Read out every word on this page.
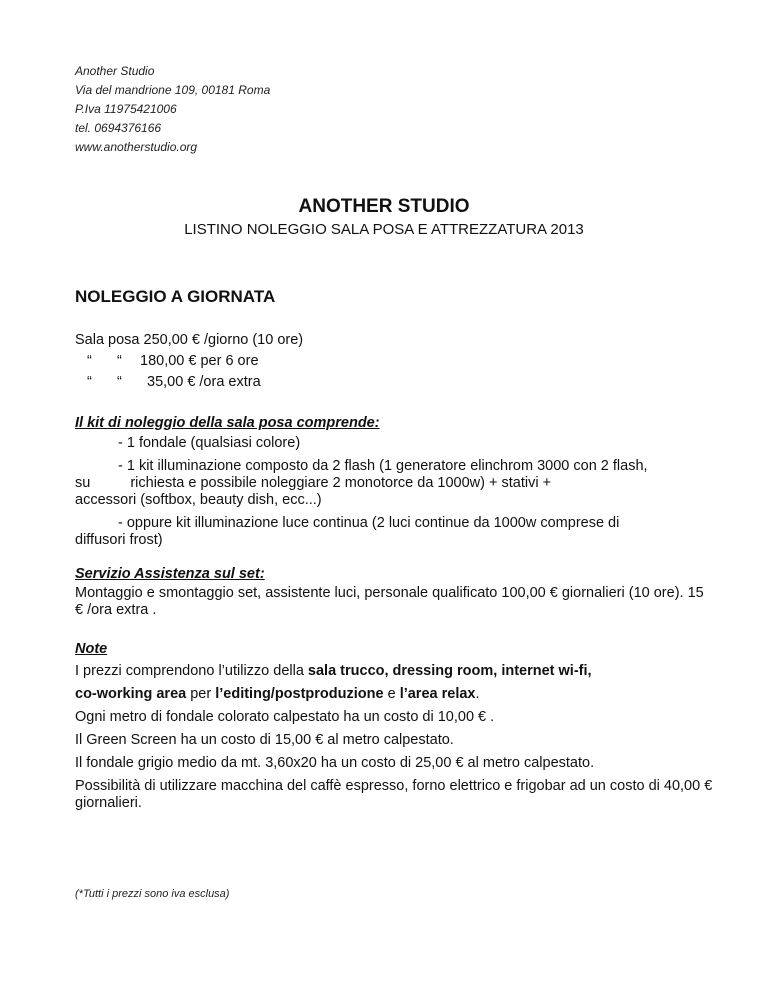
Another Studio
Via del mandrione 109, 00181 Roma
P.Iva 11975421006
tel. 0694376166
www.anotherstudio.org
ANOTHER STUDIO
LISTINO NOLEGGIO SALA POSA E ATTREZZATURA 2013
NOLEGGIO A GIORNATA
Sala posa 250,00 € /giorno (10 ore)
“ “ 180,00 € per 6 ore
“ “ 35,00 € /ora extra
Il kit di noleggio della sala posa comprende:
- 1 fondale (qualsiasi colore)
- 1 kit illuminazione composto da 2 flash (1 generatore elinchrom 3000 con 2 flash,
su	richiesta e possibile noleggiare 2 monotorce da 1000w) + stativi +
accessori (softbox, beauty dish, ecc...)
- oppure kit illuminazione luce continua (2 luci continue da 1000w comprese di
diffusori frost)
Servizio Assistenza sul set:
Montaggio e smontaggio set, assistente luci, personale qualificato 100,00 € giornalieri (10 ore). 15 € /ora extra .
Note
I prezzi comprendono l’utilizzo della sala trucco, dressing room, internet wi-fi,
co-working area per l’editing/postproduzione e l’area relax.
Ogni metro di fondale colorato calpestato ha un costo di 10,00 € .
Il Green Screen ha un costo di 15,00 € al metro calpestato.
Il fondale grigio medio da mt. 3,60x20 ha un costo di 25,00 € al metro calpestato.
Possibilità di utilizzare macchina del caffè espresso, forno elettrico e frigobar ad un costo di 40,00 € giornalieri.
(*Tutti i prezzi sono iva esclusa)
